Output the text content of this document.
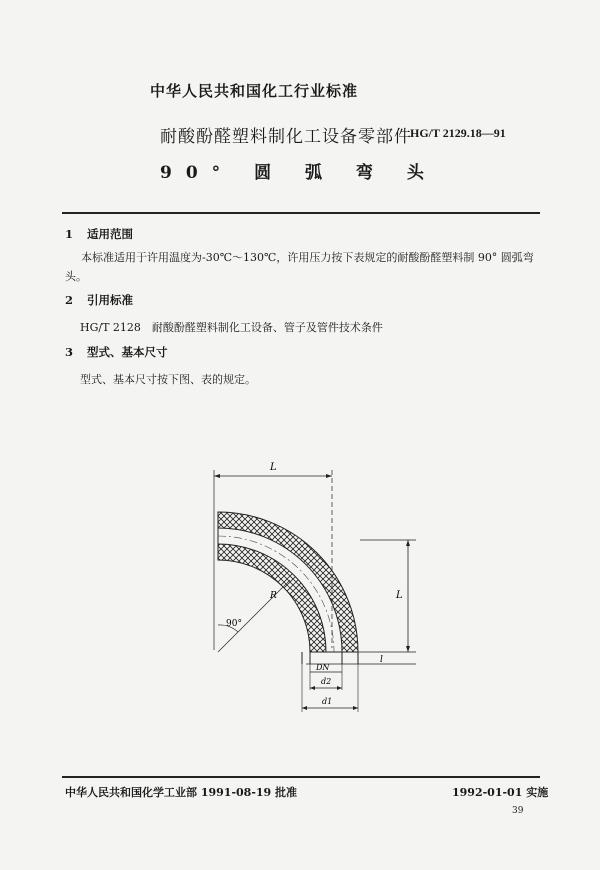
中华人民共和国化工行业标准
耐酸酚醛塑料制化工设备零部件
HG/T 2129.18—91
90° 圆 弧 弯 头
1 适用范围
本标准适用于许用温度为-30℃～130℃，许用压力按下表规定的耐酸酚醛塑料制 90° 圆弧弯头。
2 引用标准
HG/T 2128　耐酸酚醛塑料制化工设备、管子及管件技术条件
3 型式、基本尺寸
型式、基本尺寸按下图、表的规定。
L
R
90°
L
l
DN
d2
d1
中华人民共和国化学工业部 1991-08-19 批准	1992-01-01 实施
39
